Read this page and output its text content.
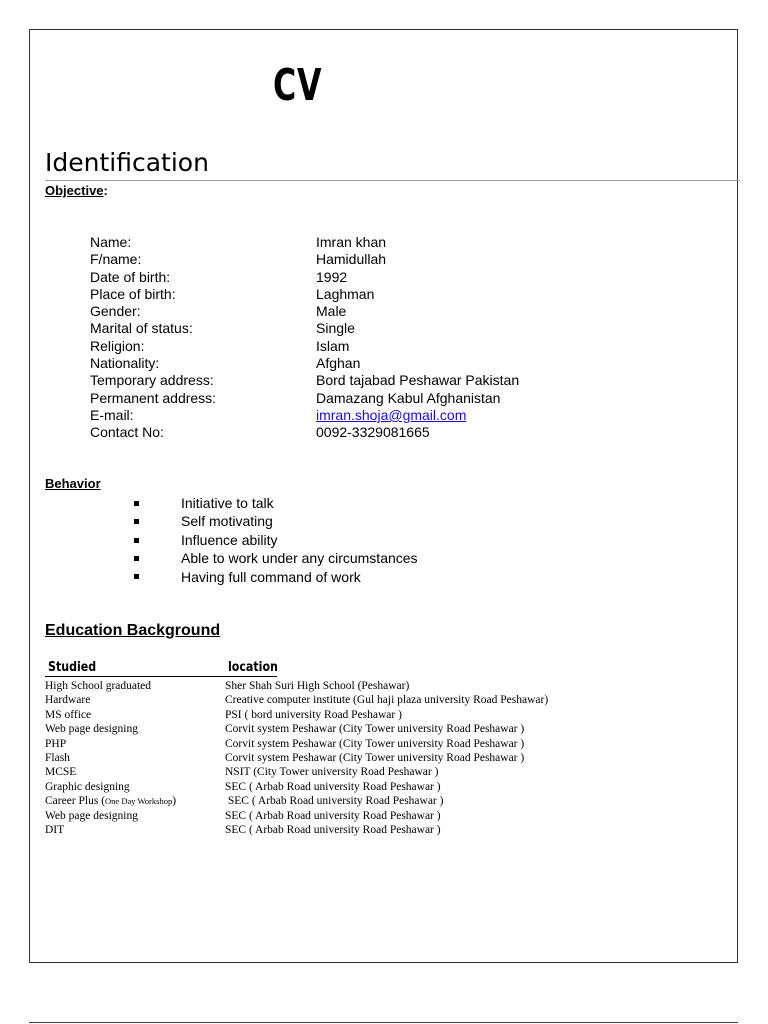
CV
Identification
Objective:
Name:	Imran khan
F/name:	Hamidullah
Date of birth:	1992
Place of birth:	Laghman
Gender:	Male
Marital of status:	Single
Religion:	Islam
Nationality:	Afghan
Temporary address:	Bord tajabad Peshawar Pakistan
Permanent address:	Damazang Kabul Afghanistan
E-mail:	imran.shoja@gmail.com
Contact No:	0092-3329081665
Behavior
Initiative to talk
Self motivating
Influence ability
Able to work under any circumstances
Having full command of work
Education Background
Studied	location
High School graduated	Sher Shah Suri High School (Peshawar)
Hardware	Creative computer institute (Gul haji plaza university Road Peshawar)
MS office	PSI ( bord university Road Peshawar )
Web page designing	Corvit system Peshawar (City Tower university Road Peshawar )
PHP	Corvit system Peshawar (City Tower university Road Peshawar )
Flash	Corvit system Peshawar (City Tower university Road Peshawar )
MCSE	NSIT (City Tower university Road Peshawar )
Graphic designing	SEC ( Arbab Road university Road Peshawar )
Career Plus (One Day Workshop)	SEC ( Arbab Road university Road Peshawar )
Web page designing	SEC ( Arbab Road university Road Peshawar )
DIT	SEC ( Arbab Road university Road Peshawar )
